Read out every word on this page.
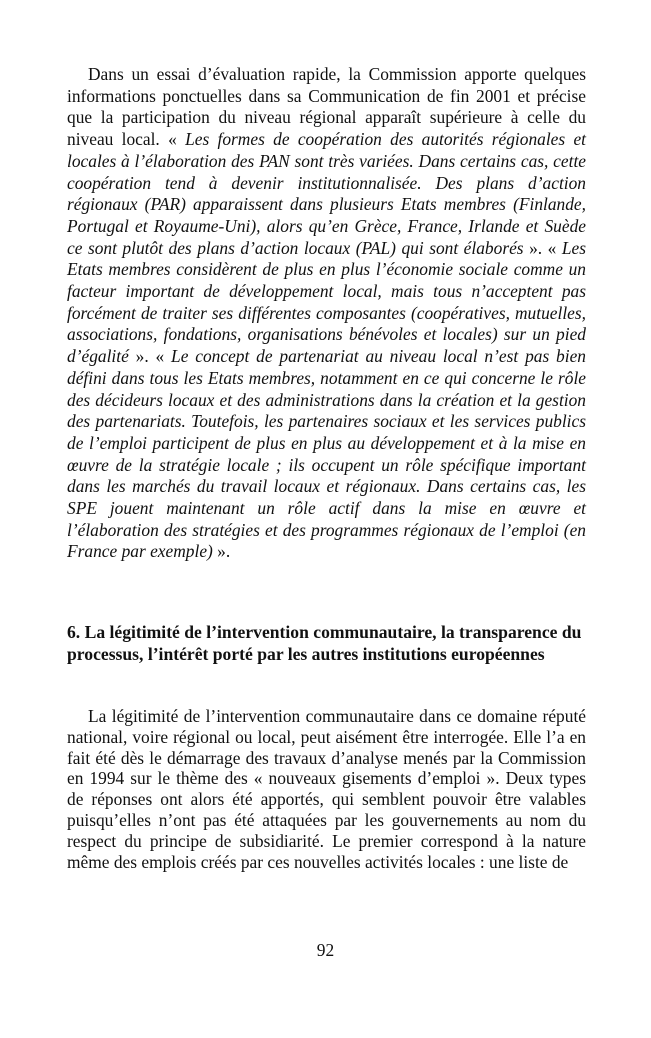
Dans un essai d’évaluation rapide, la Commission apporte quelques informations ponctuelles dans sa Communication de fin 2001 et précise que la participation du niveau régional apparaît supérieure à celle du niveau local. « Les formes de coopération des autorités régionales et locales à l’élaboration des PAN sont très variées. Dans certains cas, cette coopération tend à devenir institutionnalisée. Des plans d’action régionaux (PAR) apparaissent dans plusieurs Etats membres (Finlande, Portugal et Royaume-Uni), alors qu’en Grèce, France, Irlande et Suède ce sont plutôt des plans d’action locaux (PAL) qui sont élaborés ». « Les Etats membres considèrent de plus en plus l’économie sociale comme un facteur important de développement local, mais tous n’acceptent pas forcément de traiter ses différentes composantes (coopératives, mutuelles, associations, fondations, organisations bénévoles et locales) sur un pied d’égalité ». « Le concept de partenariat au niveau local n’est pas bien défini dans tous les Etats membres, notamment en ce qui concerne le rôle des décideurs locaux et des administrations dans la création et la gestion des partenariats. Toutefois, les partenaires sociaux et les services publics de l’emploi participent de plus en plus au développement et à la mise en œuvre de la stratégie locale ; ils occupent un rôle spécifique important dans les marchés du travail locaux et régionaux. Dans certains cas, les SPE jouent maintenant un rôle actif dans la mise en œuvre et l’élaboration des stratégies et des programmes régionaux de l’emploi (en France par exemple) ».

6. La légitimité de l’intervention communautaire, la transparence du processus, l’intérêt porté par les autres institutions européennes

La légitimité de l’intervention communautaire dans ce domaine réputé national, voire régional ou local, peut aisément être interrogée. Elle l’a en fait été dès le démarrage des travaux d’analyse menés par la Commission en 1994 sur le thème des « nouveaux gisements d’emploi ». Deux types de réponses ont alors été apportés, qui semblent pouvoir être valables puisqu’elles n’ont pas été attaquées par les gouvernements au nom du respect du principe de subsidiarité. Le premier correspond à la nature même des emplois créés par ces nouvelles activités locales : une liste de

92
